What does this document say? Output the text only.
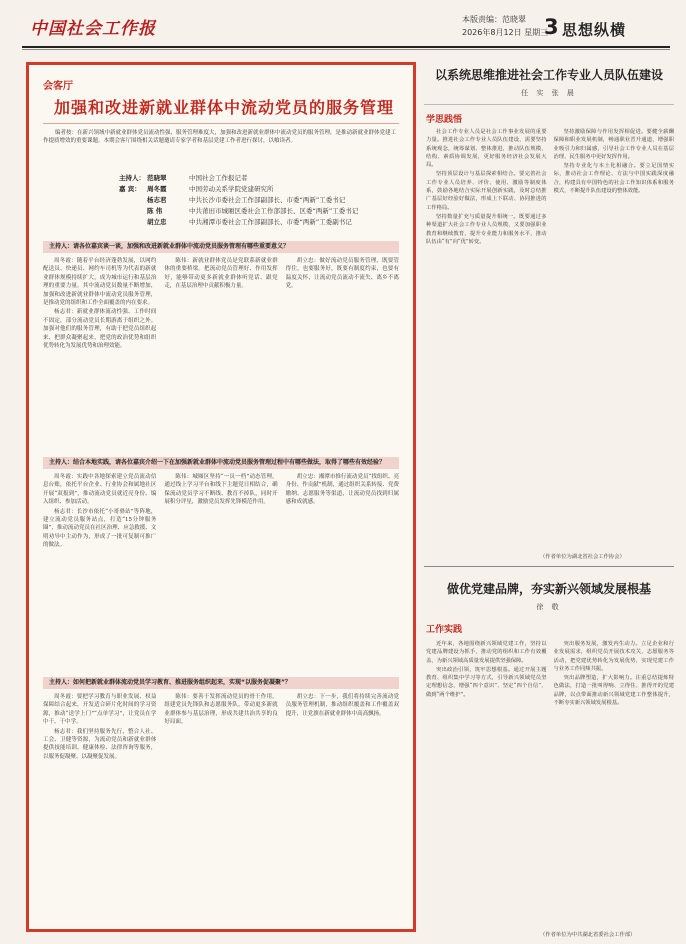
中国社会工作报	本版责编：范晓翠
2026年8月12日 星期三
3 思想纵横
会客厅
加强和改进新就业群体中流动党员的服务管理
编者按：在新兴领域中新就业群体党员流动性强、服务管理难度大，加强和改进新就业群体中流动党员的服务管理，是推动新就业群体党建工作提质增效的重要课题。本期会客厅围绕相关话题邀请专家学者和基层党建工作者进行探讨，以飨读者。
主持人： 范晓翠	中国社会工作报记者
嘉 宾： 周冬霞	中国劳动关系学院党建研究所
杨志君	中共长沙市委社会工作部副部长、市委“两新”工委书记
陈 伟	中共莆田市城厢区委社会工作部部长、区委“两新”工委书记
胡立忠	中共湘潭市委社会工作部副部长、市委“两新”工委副书记
主持人：请各位嘉宾谈一谈，加强和改进新就业群体中流动党员服务管理有哪些重要意义？

周冬霞：随着平台经济蓬勃发展，以网约配送员、快递员、网约车司机等为代表的新就业群体规模持续扩大，成为城市运行和基层治理的重要力量。其中流动党员数量不断增加，加强和改进新就业群体中流动党员服务管理，是推动党的组织和工作全面覆盖的内在要求。

杨志君：新就业群体流动性强、工作时间不固定，部分流动党员长期游离于组织之外。加强对他们的服务管理，有助于把党员组织起来、把群众凝聚起来，把党的政治优势和组织优势转化为发展优势和治理效能。

陈伟：新就业群体党员是党联系新就业群体的重要桥梁。把流动党员管理好、作用发挥好，能够带动更多新就业群体听党话、跟党走，在基层治理中贡献积极力量。

胡立忠：做好流动党员服务管理，既要管得住，也要服务好，既要有制度约束，也要有温度关怀，让流动党员流动不流失、离乡不离党。

主持人：结合本地实践，请各位嘉宾介绍一下在加强新就业群体中流动党员服务管理过程中有哪些做法，取得了哪些有效经验？

周冬霞：实践中各地探索建立党员流动信息台账，依托平台企业、行业协会和属地社区开展“双报到”，推动流动党员就近亮身份、编入组织、参加活动。

杨志君：长沙市依托“小哥驿站”等阵地，建立流动党员服务站点，打造“15分钟服务圈”，推动流动党员在社区治理、应急救援、文明劝导中主动作为，形成了一批可复制可推广的做法。

陈伟：城厢区坚持“一员一档”动态管理，通过线上学习平台和线下主题党日相结合，确保流动党员学习不断线、教育不掉队，同时开展积分评星，激励党员发挥先锋模范作用。

胡立忠：湘潭市推行流动党员“找组织、亮身份、作贡献”机制，通过组织关系转接、党费缴纳、志愿服务等渠道，让流动党员找到归属感和成就感。

主持人：如何把新就业群体流动党员学习教育、推进服务组织起来，实现“以服务促凝聚”？

周冬霞：要把学习教育与职业发展、权益保障结合起来，开发适合碎片化时间的学习资源，推动“送学上门”“点单学习”，让党员在学中干、干中学。

杨志君：我们坚持服务先行，整合人社、工会、卫健等资源，为流动党员和新就业群体提供技能培训、健康体检、法律咨询等服务，以服务促凝聚、以凝聚促发展。

陈伟：要善于发挥流动党员的骨干作用，组建党员先锋队和志愿服务队，带动更多新就业群体参与基层治理，形成共建共治共享的良好局面。

胡立忠：下一步，我们将持续完善流动党员服务管理机制，推动组织覆盖和工作覆盖双提升，让党旗在新就业群体中高高飘扬。

以系统思维推进社会工作专业人员队伍建设
任 实 张 晨
学思践悟

社会工作专业人员是社会工作事业发展的重要力量。推进社会工作专业人员队伍建设，需要坚持系统观念，统筹谋划、整体推进，推动队伍规模、结构、素质协调发展，更好服务经济社会发展大局。

坚持顶层设计与基层探索相结合。要完善社会工作专业人员培养、评价、使用、激励等制度体系，鼓励各地结合实际开展创新实践，及时总结推广基层好经验好做法，形成上下联动、协同推进的工作格局。

坚持数量扩充与质量提升相统一。既要通过多种渠道扩大社会工作专业人员规模，又要加强职业教育和继续教育，提升专业能力和服务水平，推动队伍由“有”向“优”转变。

坚持激励保障与作用发挥相促进。要健全薪酬保障和职业发展机制，畅通职业晋升通道，增强职业吸引力和归属感，引导社会工作专业人员在基层治理、民生服务中更好发挥作用。

坚持专业化与本土化相融合。要立足国情实际，推动社会工作理论、方法与中国实践深度融合，构建具有中国特色的社会工作知识体系和服务模式，不断提升队伍建设的整体效能。

（作者单位为湖北省社会工作协会）
做优党建品牌，夯实新兴领域发展根基
徐 敬
工作实践

近年来，各地围绕新兴领域党建工作，坚持以党建品牌建设为抓手，推动党的组织和工作有效覆盖，为新兴领域高质量发展提供坚强保障。

突出政治引领，筑牢思想根基。通过开展主题教育、组织集中学习等方式，引导新兴领域党员坚定理想信念，增强“四个意识”、坚定“四个自信”、做到“两个维护”。

突出服务发展，激发内生动力。立足企业和行业发展需求，组织党员开展技术攻关、志愿服务等活动，把党建优势转化为发展优势，实现党建工作与业务工作同频共振。

突出品牌塑造，扩大影响力。注重总结提炼特色做法，打造一批叫得响、立得住、推得开的党建品牌，以点带面推动新兴领域党建工作整体提升，不断夯实新兴领域发展根基。

（作者单位为中共湖北省委社会工作部）
